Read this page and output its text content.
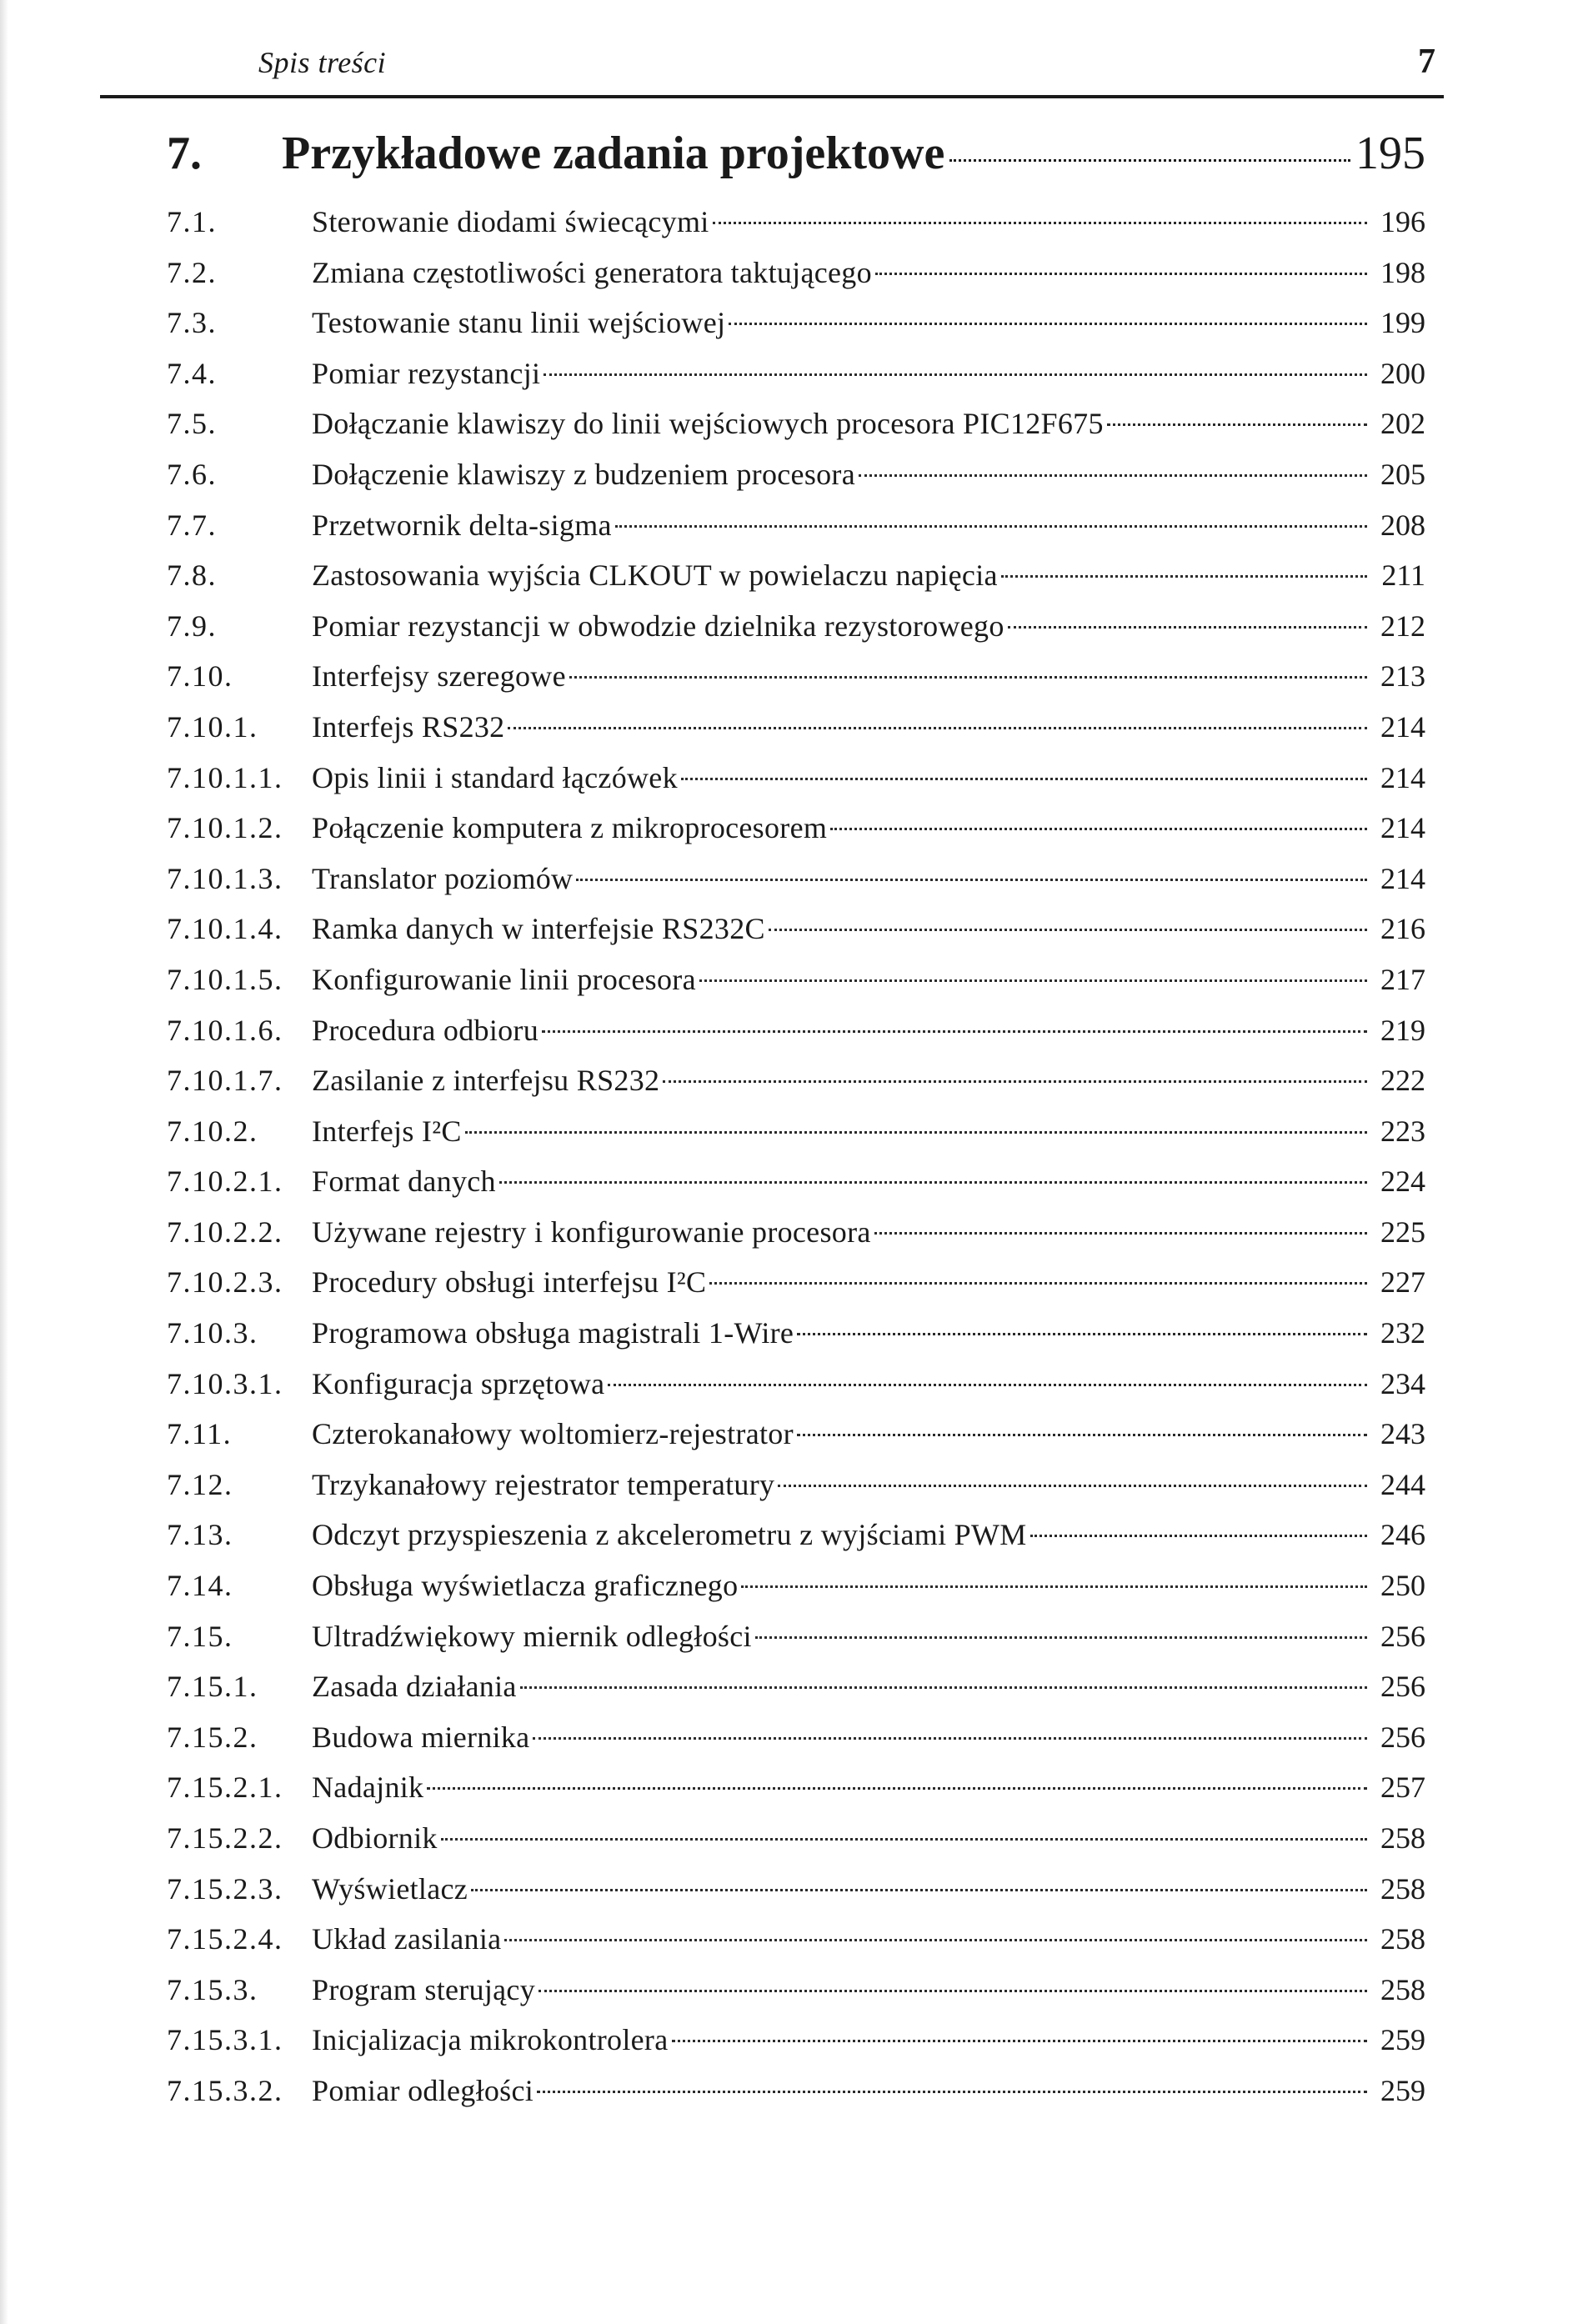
Spis treści	7
7.	Przykładowe zadania projektowe	195
7.1.	Sterowanie diodami świecącymi	196
7.2.	Zmiana częstotliwości generatora taktującego	198
7.3.	Testowanie stanu linii wejściowej	199
7.4.	Pomiar rezystancji	200
7.5.	Dołączanie klawiszy do linii wejściowych procesora PIC12F675	202
7.6.	Dołączenie klawiszy z budzeniem procesora	205
7.7.	Przetwornik delta-sigma	208
7.8.	Zastosowania wyjścia CLKOUT w powielaczu napięcia	211
7.9.	Pomiar rezystancji w obwodzie dzielnika rezystorowego	212
7.10.	Interfejsy szeregowe	213
7.10.1.	Interfejs RS232	214
7.10.1.1. Opis linii i standard łączówek	214
7.10.1.2. Połączenie komputera z mikroprocesorem	214
7.10.1.3. Translator poziomów	214
7.10.1.4. Ramka danych w interfejsie RS232C	216
7.10.1.5. Konfigurowanie linii procesora	217
7.10.1.6. Procedura odbioru	219
7.10.1.7. Zasilanie z interfejsu RS232	222
7.10.2.	Interfejs I²C	223
7.10.2.1. Format danych	224
7.10.2.2. Używane rejestry i konfigurowanie procesora	225
7.10.2.3. Procedury obsługi interfejsu I²C	227
7.10.3.	Programowa obsługa magistrali 1-Wire	232
7.10.3.1. Konfiguracja sprzętowa	234
7.11.	Czterokanałowy woltomierz-rejestrator	243
7.12.	Trzykanałowy rejestrator temperatury	244
7.13.	Odczyt przyspieszenia z akcelerometru z wyjściami PWM	246
7.14.	Obsługa wyświetlacza graficznego	250
7.15.	Ultradźwiękowy miernik odległości	256
7.15.1.	Zasada działania	256
7.15.2.	Budowa miernika	256
7.15.2.1. Nadajnik	257
7.15.2.2. Odbiornik	258
7.15.2.3. Wyświetlacz	258
7.15.2.4. Układ zasilania	258
7.15.3.	Program sterujący	258
7.15.3.1. Inicjalizacja mikrokontrolera	259
7.15.3.2. Pomiar odległości	259
